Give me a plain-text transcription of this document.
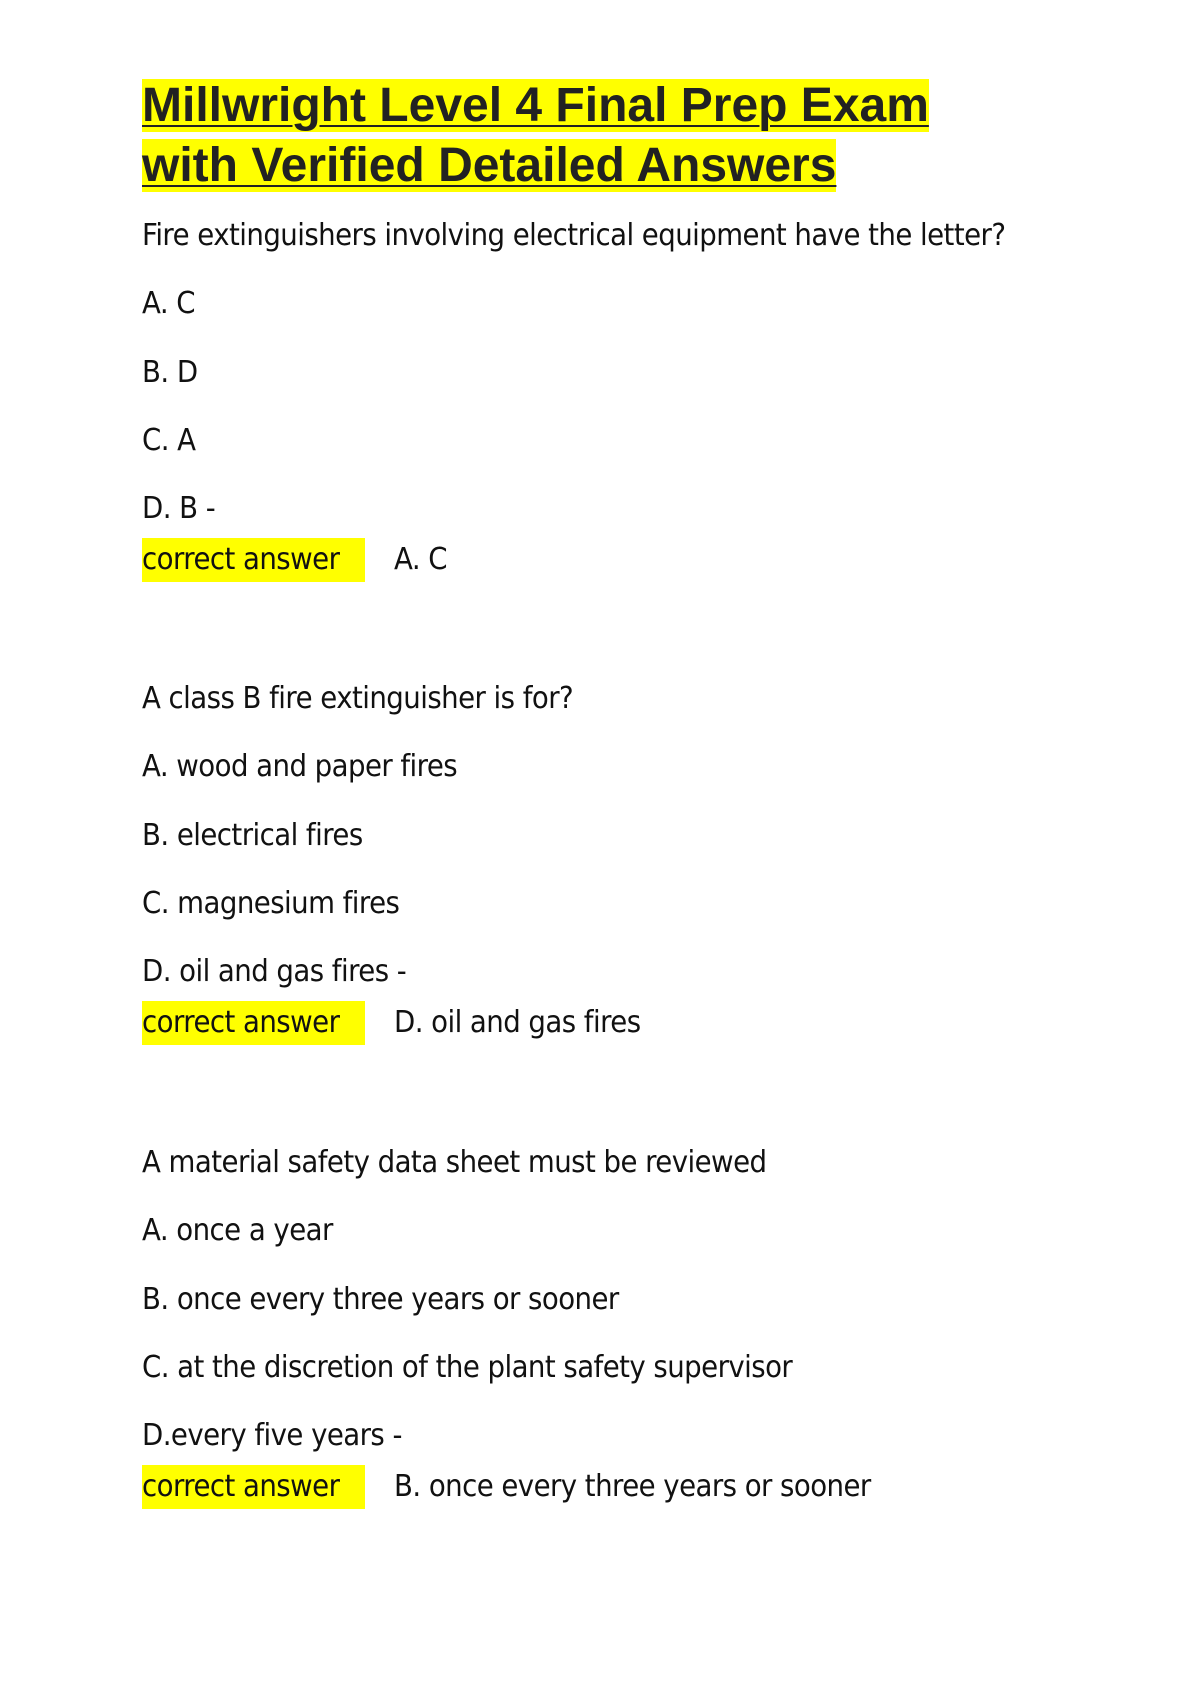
Millwright Level 4 Final Prep Exam
with Verified Detailed Answers
Fire extinguishers involving electrical equipment have the letter?
A. C
B. D
C. A
D. B -
correct answer	A. C
A class B fire extinguisher is for?
A. wood and paper fires
B. electrical fires
C. magnesium fires
D. oil and gas fires -
correct answer	D. oil and gas fires
A material safety data sheet must be reviewed
A. once a year
B. once every three years or sooner
C. at the discretion of the plant safety supervisor
D.every five years -
correct answer	B. once every three years or sooner
